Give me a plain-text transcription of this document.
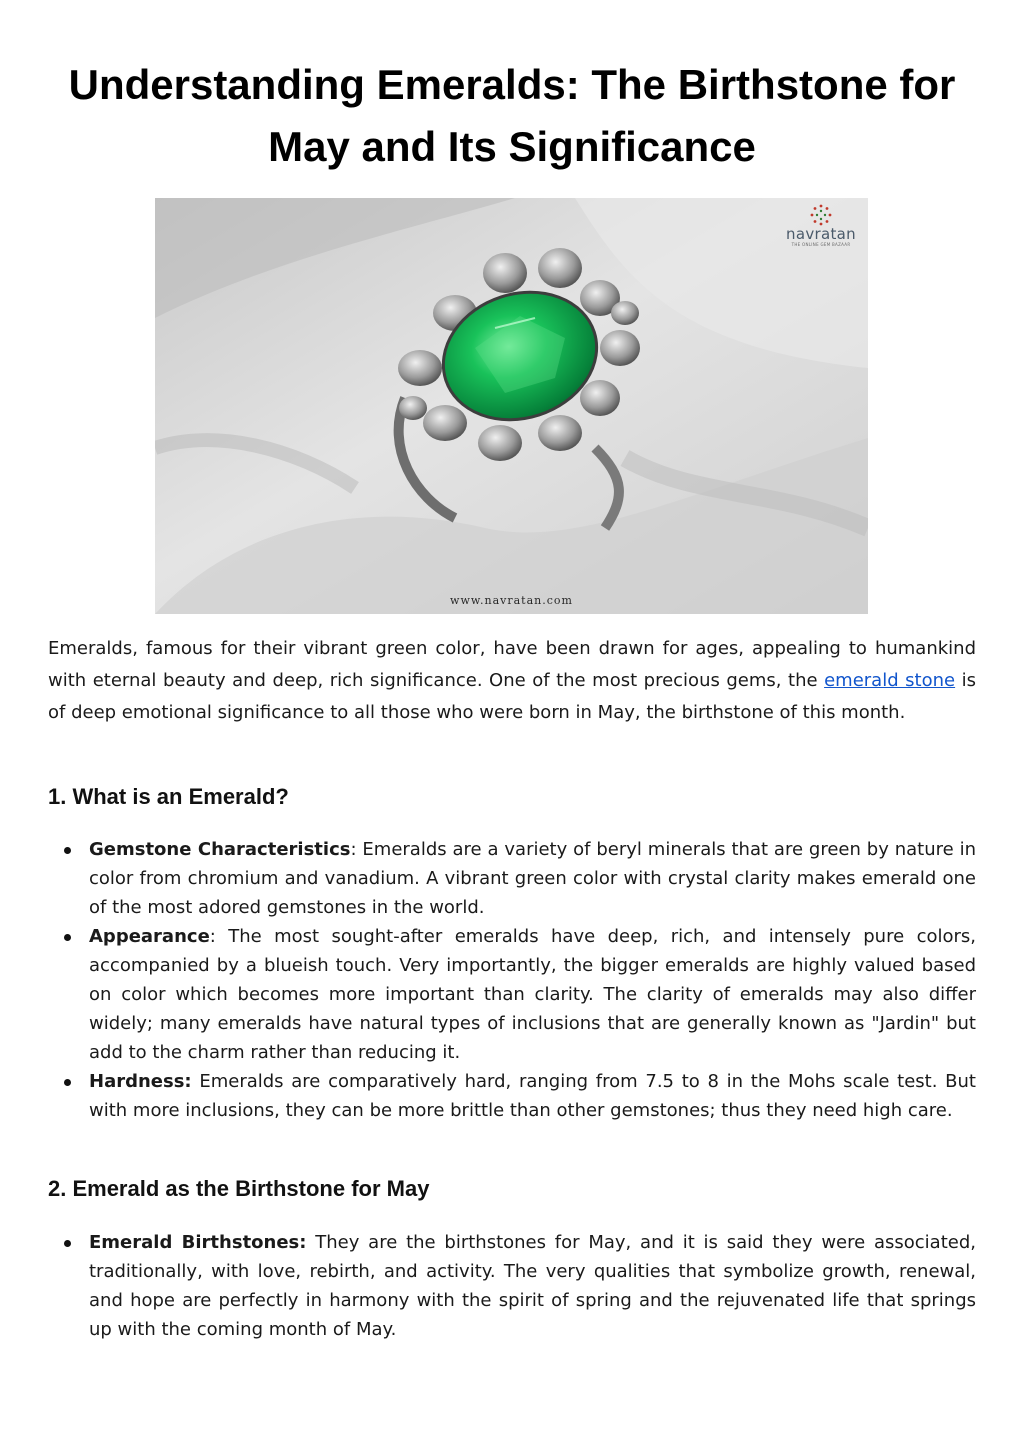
Understanding Emeralds: The Birthstone for May and Its Significance
navratan
THE ONLINE GEM BAZAAR
www.navratan.com

Emeralds, famous for their vibrant green color, have been drawn for ages, appealing to humankind with eternal beauty and deep, rich significance. One of the most precious gems, the emerald stone is of deep emotional significance to all those who were born in May, the birthstone of this month.

1. What is an Emerald?
Gemstone Characteristics: Emeralds are a variety of beryl minerals that are green by nature in color from chromium and vanadium. A vibrant green color with crystal clarity makes emerald one of the most adored gemstones in the world.
Appearance: The most sought-after emeralds have deep, rich, and intensely pure colors, accompanied by a blueish touch. Very importantly, the bigger emeralds are highly valued based on color which becomes more important than clarity. The clarity of emeralds may also differ widely; many emeralds have natural types of inclusions that are generally known as "Jardin" but add to the charm rather than reducing it.
Hardness: Emeralds are comparatively hard, ranging from 7.5 to 8 in the Mohs scale test. But with more inclusions, they can be more brittle than other gemstones; thus they need high care.
2. Emerald as the Birthstone for May
Emerald Birthstones: They are the birthstones for May, and it is said they were associated, traditionally, with love, rebirth, and activity. The very qualities that symbolize growth, renewal, and hope are perfectly in harmony with the spirit of spring and the rejuvenated life that springs up with the coming month of May.
